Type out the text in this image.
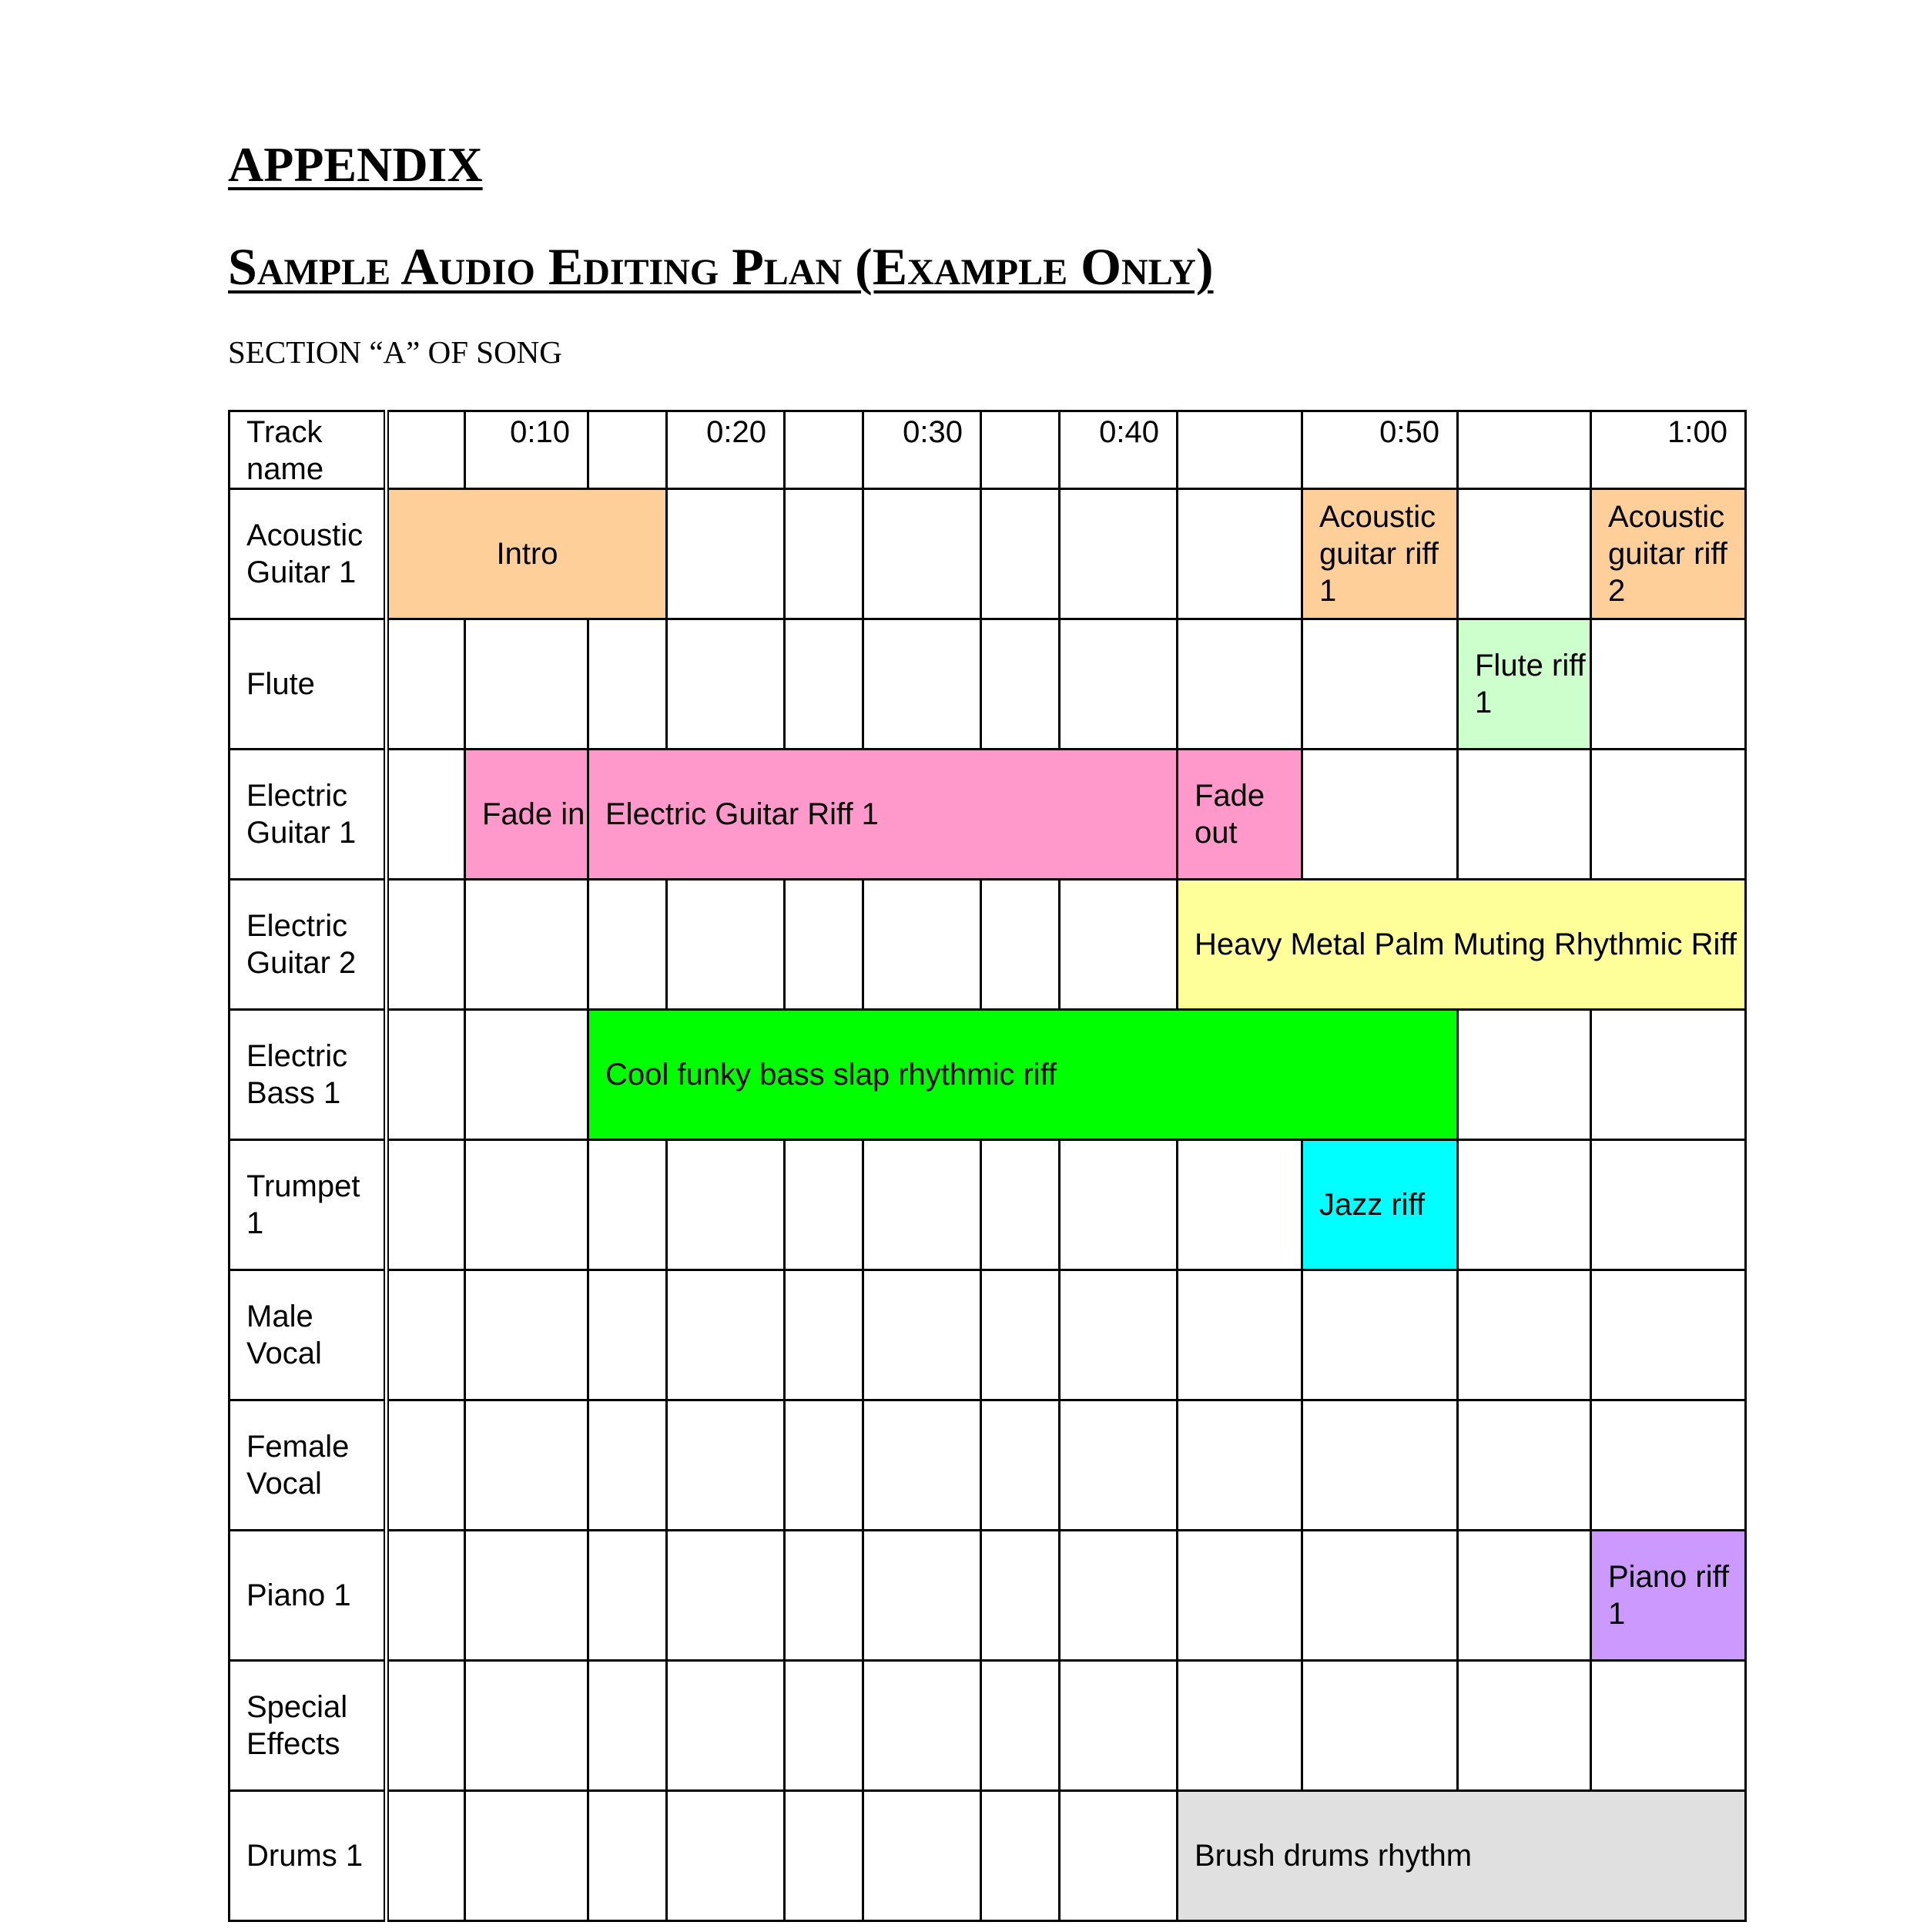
APPENDIX
Sample Audio Editing Plan (Example Only)

SECTION “A” OF SONG

Track name		0:10		0:20		0:30		0:40		0:50		1:00
Acoustic Guitar 1	Intro									Acoustic guitar riff 1		Acoustic guitar riff 2
Flute											Flute riff 1	
Electric Guitar 1		Fade in	Electric Guitar Riff 1						Fade out			
Electric Guitar 2									Heavy Metal Palm Muting Rhythmic Riff			
Electric Bass 1			Cool funky bass slap rhythmic riff									
Trumpet 1										Jazz riff		
Male Vocal												
Female Vocal												
Piano 1												Piano riff 1
Special Effects												
Drums 1									Brush drums rhythm			
